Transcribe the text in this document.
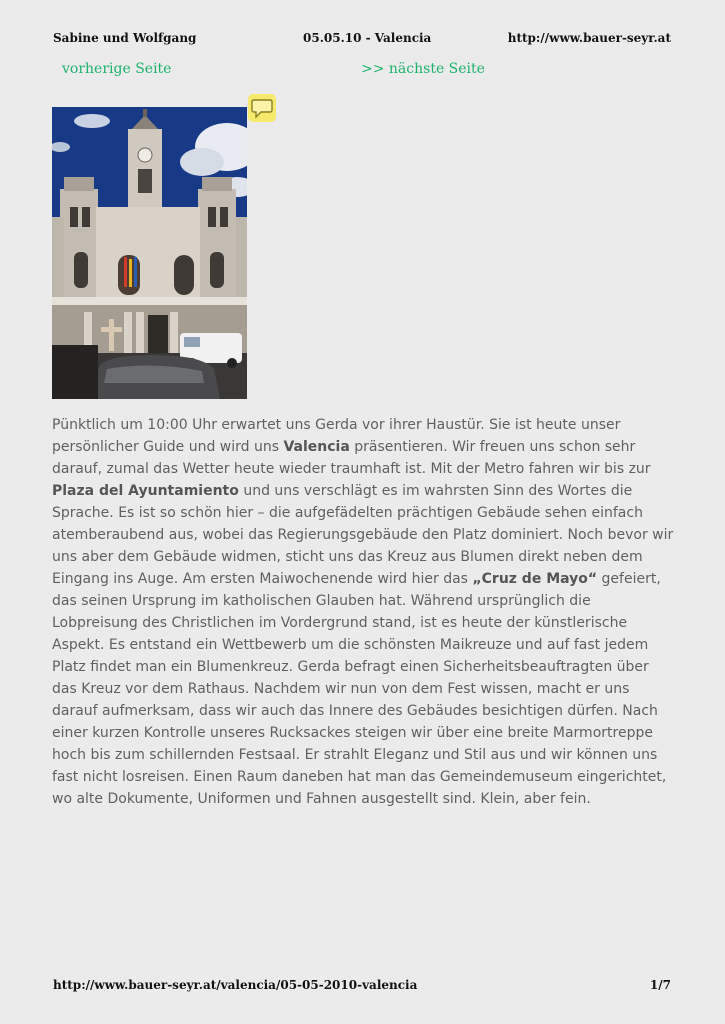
Sabine und Wolfgang	05.05.10 - Valencia	http://www.bauer-seyr.at
vorherige Seite	>> nächste Seite

Pünktlich um 10:00 Uhr erwartet uns Gerda vor ihrer Haustür. Sie ist heute unser persönlicher Guide und wird uns Valencia präsentieren. Wir freuen uns schon sehr darauf, zumal das Wetter heute wieder traumhaft ist. Mit der Metro fahren wir bis zur Plaza del Ayuntamiento und uns verschlägt es im wahrsten Sinn des Wortes die Sprache. Es ist so schön hier – die aufgefädelten prächtigen Gebäude sehen einfach atemberaubend aus, wobei das Regierungsgebäude den Platz dominiert. Noch bevor wir uns aber dem Gebäude widmen, sticht uns das Kreuz aus Blumen direkt neben dem Eingang ins Auge. Am ersten Maiwochenende wird hier das „Cruz de Mayo“ gefeiert, das seinen Ursprung im katholischen Glauben hat. Während ursprünglich die Lobpreisung des Christlichen im Vordergrund stand, ist es heute der künstlerische Aspekt. Es entstand ein Wettbewerb um die schönsten Maikreuze und auf fast jedem Platz findet man ein Blumenkreuz. Gerda befragt einen Sicherheitsbeauftragten über das Kreuz vor dem Rathaus. Nachdem wir nun von dem Fest wissen, macht er uns darauf aufmerksam, dass wir auch das Innere des Gebäudes besichtigen dürfen. Nach einer kurzen Kontrolle unseres Rucksackes steigen wir über eine breite Marmortreppe hoch bis zum schillernden Festsaal. Er strahlt Eleganz und Stil aus und wir können uns fast nicht losreisen. Einen Raum daneben hat man das Gemeindemuseum eingerichtet, wo alte Dokumente, Uniformen und Fahnen ausgestellt sind. Klein, aber fein.

http://www.bauer-seyr.at/valencia/05-05-2010-valencia	1/7
